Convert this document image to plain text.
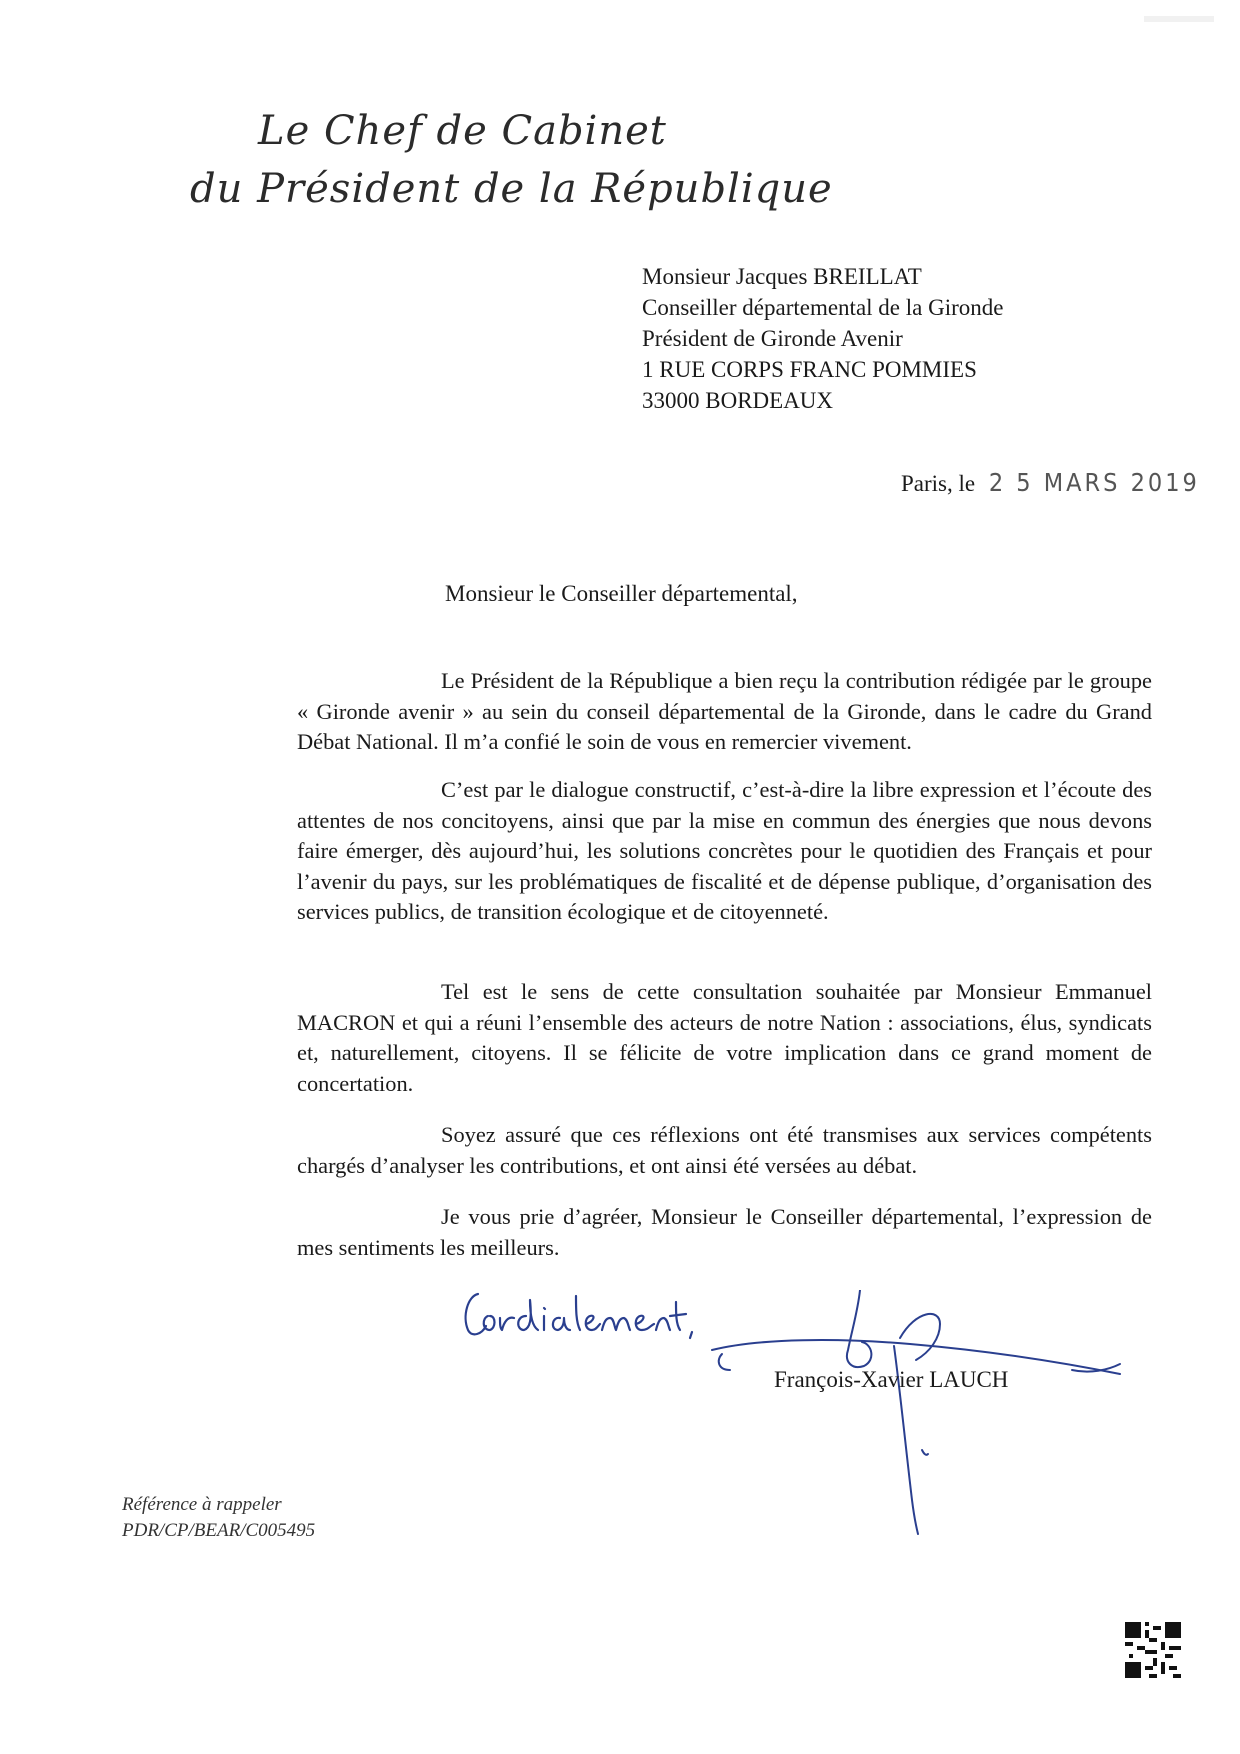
Le Chef de Cabinet
du Président de la République
Monsieur Jacques BREILLAT
Conseiller départemental de la Gironde
Président de Gironde Avenir
1 RUE CORPS FRANC POMMIES
33000 BORDEAUX
Paris, le 2 5 MARS 2019
Monsieur le Conseiller départemental,

Le Président de la République a bien reçu la contribution rédigée par le groupe « Gironde avenir » au sein du conseil départemental de la Gironde, dans le cadre du Grand Débat National. Il m’a confié le soin de vous en remercier vivement.

C’est par le dialogue constructif, c’est-à-dire la libre expression et l’écoute des attentes de nos concitoyens, ainsi que par la mise en commun des énergies que nous devons faire émerger, dès aujourd’hui, les solutions concrètes pour le quotidien des Français et pour l’avenir du pays, sur les problématiques de fiscalité et de dépense publique, d’organisation des services publics, de transition écologique et de citoyenneté.

Tel est le sens de cette consultation souhaitée par Monsieur Emmanuel MACRON et qui a réuni l’ensemble des acteurs de notre Nation : associations, élus, syndicats et, naturellement, citoyens. Il se félicite de votre implication dans ce grand moment de concertation.

Soyez assuré que ces réflexions ont été transmises aux services compétents chargés d’analyser les contributions, et ont ainsi été versées au débat.

Je vous prie d’agréer, Monsieur le Conseiller départemental, l’expression de mes sentiments les meilleurs.

François-Xavier LAUCH
Référence à rappeler
PDR/CP/BEAR/C005495
